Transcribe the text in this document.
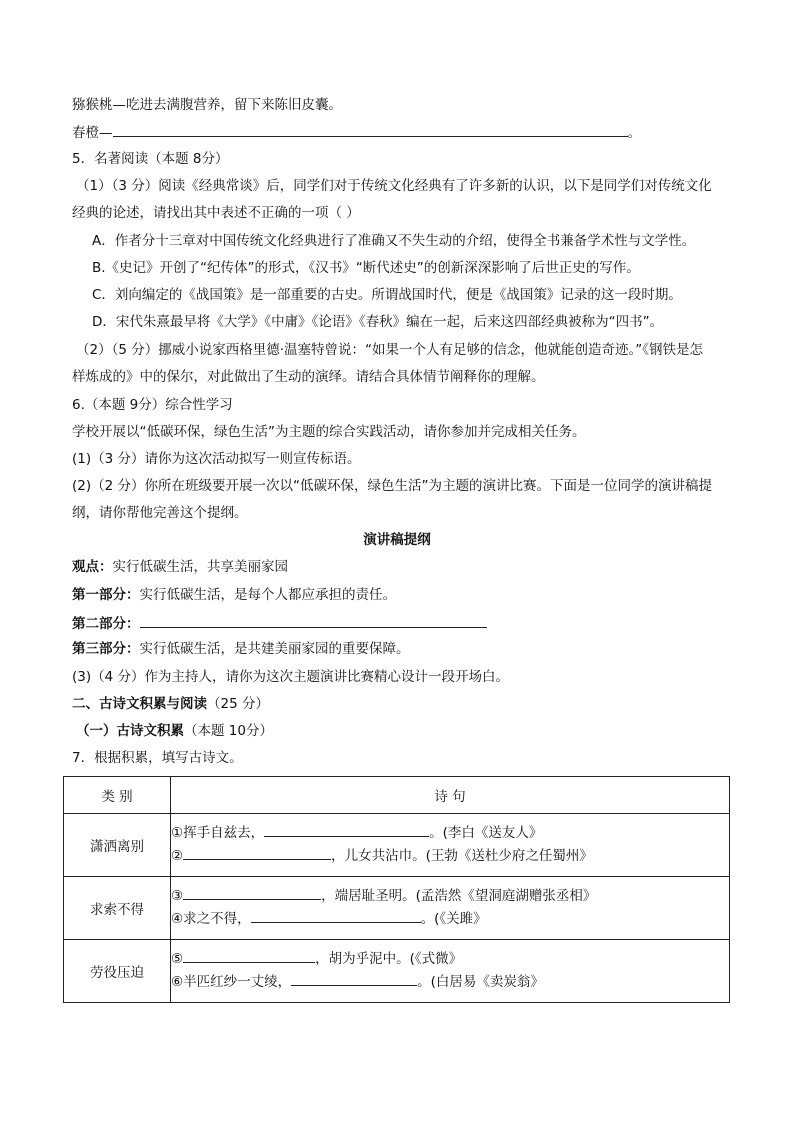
猕猴桃—吃进去满腹营养，留下来陈旧皮囊。
春橙—	。
5．名著阅读（本题 8分）
（1）（3 分）阅读《经典常谈》后，同学们对于传统文化经典有了许多新的认识，以下是同学们对传统文化
经典的论述，请找出其中表述不正确的一项（ ）
A．作者分十三章对中国传统文化经典进行了准确又不失生动的介绍，使得全书兼备学术性与文学性。
B.《史记》开创了“纪传体”的形式，《汉书》“断代述史”的创新深深影响了后世正史的写作。
C．刘向编定的《战国策》是一部重要的古史。所谓战国时代，便是《战国策》记录的这一段时期。
D．宋代朱熹最早将《大学》《中庸》《论语》《春秋》编在一起，后来这四部经典被称为“四书”。
（2）（5 分）挪威小说家西格里德·温塞特曾说：“如果一个人有足够的信念，他就能创造奇迹。”《钢铁是怎
样炼成的》中的保尔，对此做出了生动的演绎。请结合具体情节阐释你的理解。
6.（本题 9分）综合性学习
学校开展以“低碳环保，绿色生活”为主题的综合实践活动，请你参加并完成相关任务。
(1)（3 分）请你为这次活动拟写一则宣传标语。
(2)（2 分）你所在班级要开展一次以“低碳环保，绿色生活”为主题的演讲比赛。下面是一位同学的演讲稿提
纲，请你帮他完善这个提纲。
演讲稿提纲
观点：实行低碳生活，共享美丽家园
第一部分：实行低碳生活，是每个人都应承担的责任。
第二部分：
第三部分：实行低碳生活，是共建美丽家园的重要保障。
(3)（4 分）作为主持人，请你为这次主题演讲比赛精心设计一段开场白。
二、古诗文积累与阅读（25 分）
（一）古诗文积累（本题 10分）
7．根据积累，填写古诗文。
类 别	诗 句
潇洒离别	①挥手自兹去， 。(李白《送友人》
② ，儿女共沾巾。(王勃《送杜少府之任蜀州》

求索不得	③ ，端居耻圣明。(孟浩然《望洞庭湖赠张丞相》
④求之不得， 。(《关雎》

劳役压迫	⑤ ，胡为乎泥中。(《式微》
⑥半匹红纱一丈绫， 。(白居易《卖炭翁》
